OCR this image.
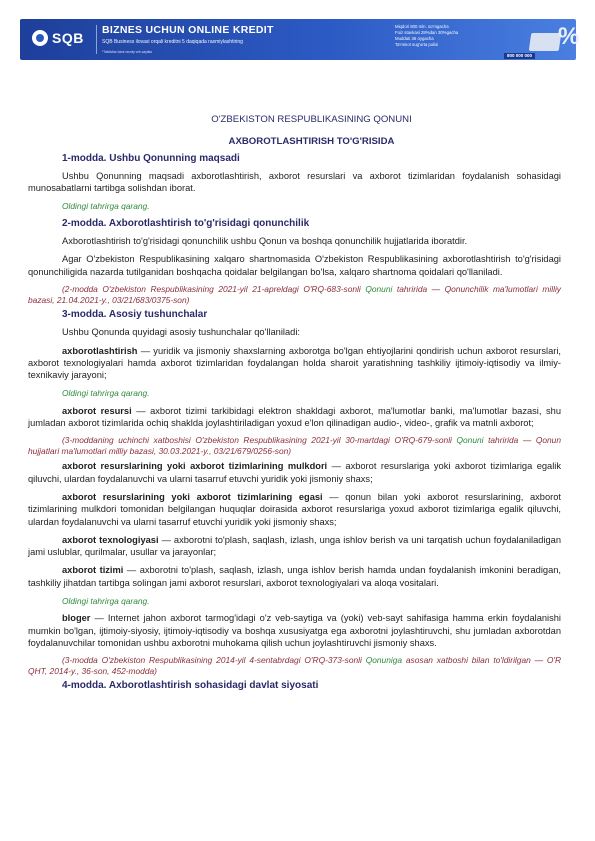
SQB BIZNES UCHUN ONLINE KREDIT
SQB Business ilovasi orqali kreditni 5 daqiqada rasmiylashtiring
*Tafsilotlar bank rasmiy veb-saytida
Miqdori 800 mln. so'mgacha
Foiz stavkasi 28%dan 30%gacha
Muddati 36 oygacha
Ta'minot sug'urta polisi	%
800 000 000
O'ZBEKISTON RESPUBLIKASINING QONUNI
AXBOROTLASHTIRISH TO'G'RISIDA
1-modda. Ushbu Qonunning maqsadi
Ushbu Qonunning maqsadi axborotlashtirish, axborot resurslari va axborot tizimlaridan foydalanish sohasidagi munosabatlarni tartibga solishdan iborat.
Oldingi tahrirga qarang.
2-modda. Axborotlashtirish to'g'risidagi qonunchilik
Axborotlashtirish to'g'risidagi qonunchilik ushbu Qonun va boshqa qonunchilik hujjatlarida iboratdir.
Agar O'zbekiston Respublikasining xalqaro shartnomasida O'zbekiston Respublikasining axborotlashtirish to'g'risidagi qonunchiligida nazarda tutilganidan boshqacha qoidalar belgilangan bo'lsa, xalqaro shartnoma qoidalari qo'llaniladi.
(2-modda O'zbekiston Respublikasining 2021-yil 21-apreldagi O'RQ-683-sonli Qonuni tahririda — Qonunchilik ma'lumotlari milliy bazasi, 21.04.2021-y., 03/21/683/0375-son)
3-modda. Asosiy tushunchalar
Ushbu Qonunda quyidagi asosiy tushunchalar qo'llaniladi:
axborotlashtirish — yuridik va jismoniy shaxslarning axborotga bo'lgan ehtiyojlarini qondirish uchun axborot resurslari, axborot texnologiyalari hamda axborot tizimlaridan foydalangan holda sharoit yaratishning tashkiliy ijtimoiy-iqtisodiy va ilmiy-texnikaviy jarayoni;
Oldingi tahrirga qarang.
axborot resursi — axborot tizimi tarkibidagi elektron shakldagi axborot, ma'lumotlar banki, ma'lumotlar bazasi, shu jumladan axborot tizimlarida ochiq shaklda joylashtiriladigan yoxud e'lon qilinadigan audio-, video-, grafik va matnli axborot;
(3-moddaning uchinchi xatboshisi O'zbekiston Respublikasining 2021-yil 30-martdagi O'RQ-679-sonli Qonuni tahririda — Qonun hujjatlari ma'lumotlari milliy bazasi, 30.03.2021-y., 03/21/679/0256-son)
axborot resurslarining yoki axborot tizimlarining mulkdori — axborot resurslariga yoki axborot tizimlariga egalik qiluvchi, ulardan foydalanuvchi va ularni tasarruf etuvchi yuridik yoki jismoniy shaxs;
axborot resurslarining yoki axborot tizimlarining egasi — qonun bilan yoki axborot resurslarining, axborot tizimlarining mulkdori tomonidan belgilangan huquqlar doirasida axborot resurslariga yoxud axborot tizimlariga egalik qiluvchi, ulardan foydalanuvchi va ularni tasarruf etuvchi yuridik yoki jismoniy shaxs;
axborot texnologiyasi — axborotni to'plash, saqlash, izlash, unga ishlov berish va uni tarqatish uchun foydalaniladigan jami uslublar, qurilmalar, usullar va jarayonlar;
axborot tizimi — axborotni to'plash, saqlash, izlash, unga ishlov berish hamda undan foydalanish imkonini beradigan, tashkiliy jihatdan tartibga solingan jami axborot resurslari, axborot texnologiyalari va aloqa vositalari.
Oldingi tahrirga qarang.
bloger — Internet jahon axborot tarmog'idagi o'z veb-saytiga va (yoki) veb-sayt sahifasiga hamma erkin foydalanishi mumkin bo'lgan, ijtimoiy-siyosiy, ijtimoiy-iqtisodiy va boshqa xususiyatga ega axborotni joylashtiruvchi, shu jumladan axborotdan foydalanuvchilar tomonidan ushbu axborotni muhokama qilish uchun joylashtiruvchi jismoniy shaxs.
(3-modda O'zbekiston Respublikasining 2014-yil 4-sentabrdagi O'RQ-373-sonli Qonuniga asosan xatboshi bilan to'ldirilgan — O'R QHT, 2014-y., 36-son, 452-modda)
4-modda. Axborotlashtirish sohasidagi davlat siyosati
